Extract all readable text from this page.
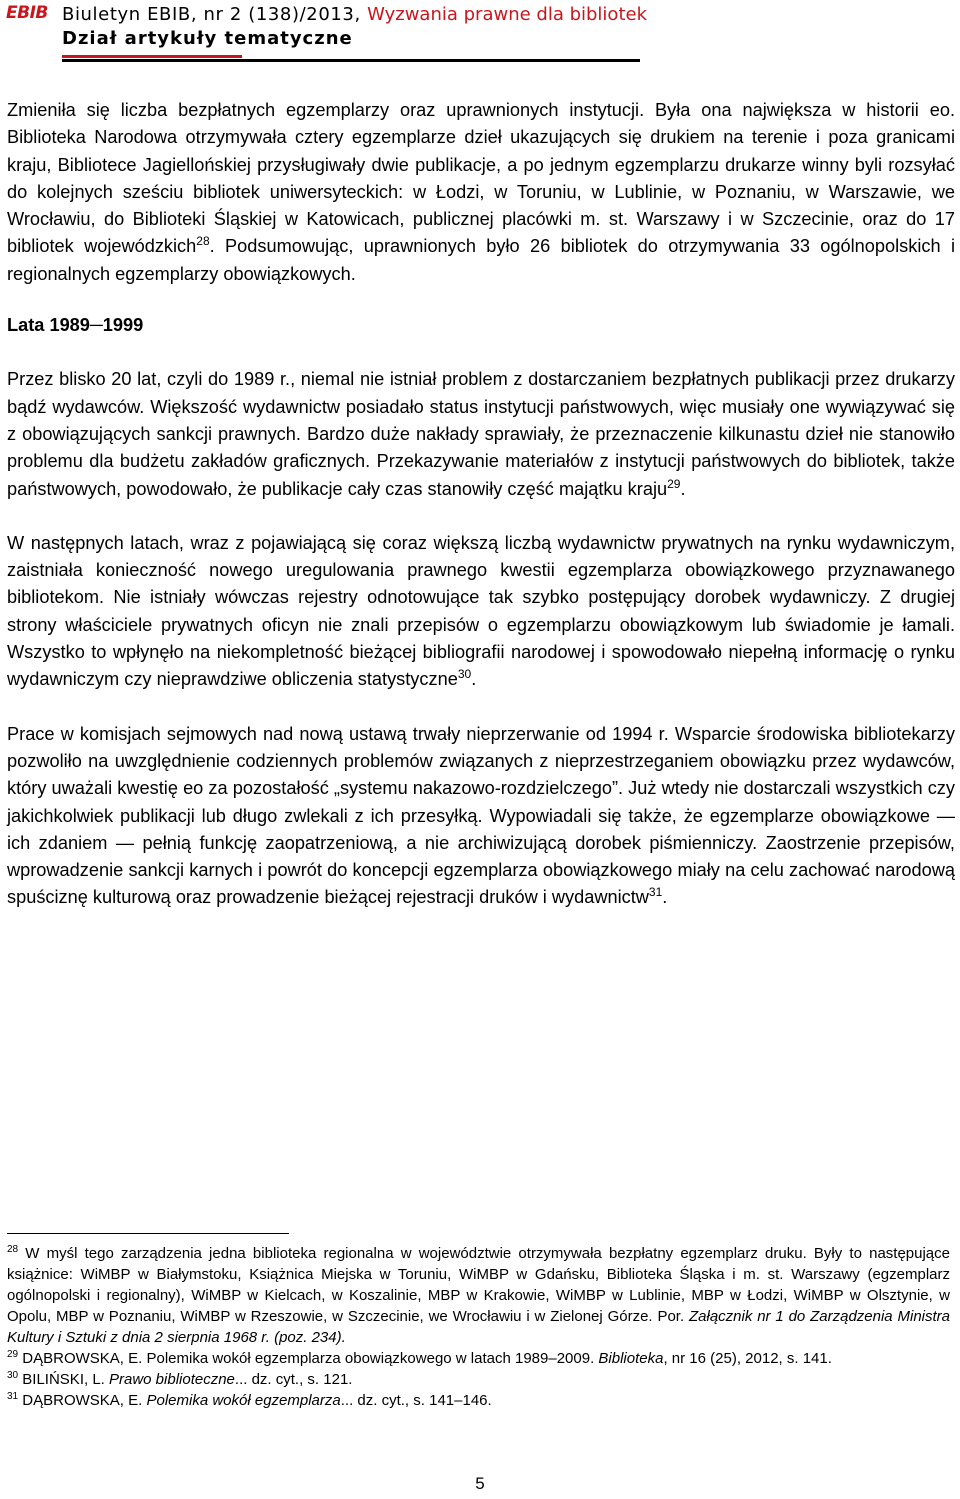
EBIB Biuletyn EBIB, nr 2 (138)/2013, Wyzwania prawne dla bibliotek
Dział artykuły tematyczne

Zmieniła się liczba bezpłatnych egzemplarzy oraz uprawnionych instytucji. Była ona największa w historii eo. Biblioteka Narodowa otrzymywała cztery egzemplarze dzieł ukazujących się drukiem na terenie i poza granicami kraju, Bibliotece Jagiellońskiej przysługiwały dwie publikacje, a po jednym egzemplarzu drukarze winny byli rozsyłać do kolejnych sześciu bibliotek uniwersyteckich: w Łodzi, w Toruniu, w Lublinie, w Poznaniu, w Warszawie, we Wrocławiu, do Biblioteki Śląskiej w Katowicach, publicznej placówki m. st. Warszawy i w Szczecinie, oraz do 17 bibliotek wojewódzkich$^{28}$. Podsumowując, uprawnionych było 26 bibliotek do otrzymywania 33 ogólnopolskich i regionalnych egzemplarzy obowiązkowych.

Lata 1989─1999

Przez blisko 20 lat, czyli do 1989 r., niemal nie istniał problem z dostarczaniem bezpłatnych publikacji przez drukarzy bądź wydawców. Większość wydawnictw posiadało status instytucji państwowych, więc musiały one wywiązywać się z obowiązujących sankcji prawnych. Bardzo duże nakłady sprawiały, że przeznaczenie kilkunastu dzieł nie stanowiło problemu dla budżetu zakładów graficznych. Przekazywanie materiałów z instytucji państwowych do bibliotek, także państwowych, powodowało, że publikacje cały czas stanowiły część majątku kraju$^{29}$.

W następnych latach, wraz z pojawiającą się coraz większą liczbą wydawnictw prywatnych na rynku wydawniczym, zaistniała konieczność nowego uregulowania prawnego kwestii egzemplarza obowiązkowego przyznawanego bibliotekom. Nie istniały wówczas rejestry odnotowujące tak szybko postępujący dorobek wydawniczy. Z drugiej strony właściciele prywatnych oficyn nie znali przepisów o egzemplarzu obowiązkowym lub świadomie je łamali. Wszystko to wpłynęło na niekompletność bieżącej bibliografii narodowej i spowodowało niepełną informację o rynku wydawniczym czy nieprawdziwe obliczenia statystyczne$^{30}$.

Prace w komisjach sejmowych nad nową ustawą trwały nieprzerwanie od 1994 r. Wsparcie środowiska bibliotekarzy pozwoliło na uwzględnienie codziennych problemów związanych z nieprzestrzeganiem obowiązku przez wydawców, który uważali kwestię eo za pozostałość „systemu nakazowo-rozdzielczego”. Już wtedy nie dostarczali wszystkich czy jakichkolwiek publikacji lub długo zwlekali z ich przesyłką. Wypowiadali się także, że egzemplarze obowiązkowe — ich zdaniem — pełnią funkcję zaopatrzeniową, a nie archiwizującą dorobek piśmienniczy. Zaostrzenie przepisów, wprowadzenie sankcji karnych i powrót do koncepcji egzemplarza obowiązkowego miały na celu zachować narodową spuściznę kulturową oraz prowadzenie bieżącej rejestracji druków i wydawnictw$^{31}$.

$^{28}$ W myśl tego zarządzenia jedna biblioteka regionalna w województwie otrzymywała bezpłatny egzemplarz druku. Były to następujące książnice: WiMBP w Białymstoku, Książnica Miejska w Toruniu, WiMBP w Gdańsku, Biblioteka Śląska i m. st. Warszawy (egzemplarz ogólnopolski i regionalny), WiMBP w Kielcach, w Koszalinie, MBP w Krakowie, WiMBP w Lublinie, MBP w Łodzi, WiMBP w Olsztynie, w Opolu, MBP w Poznaniu, WiMBP w Rzeszowie, w Szczecinie, we Wrocławiu i w Zielonej Górze. Por. Załącznik nr 1 do Zarządzenia Ministra Kultury i Sztuki z dnia 2 sierpnia 1968 r. (poz. 234).

$^{29}$ DĄBROWSKA, E. Polemika wokół egzemplarza obowiązkowego w latach 1989–2009. Biblioteka, nr 16 (25), 2012, s. 141.

$^{30}$ BILIŃSKI, L. Prawo biblioteczne... dz. cyt., s. 121.

$^{31}$ DĄBROWSKA, E. Polemika wokół egzemplarza... dz. cyt., s. 141–146.

5
